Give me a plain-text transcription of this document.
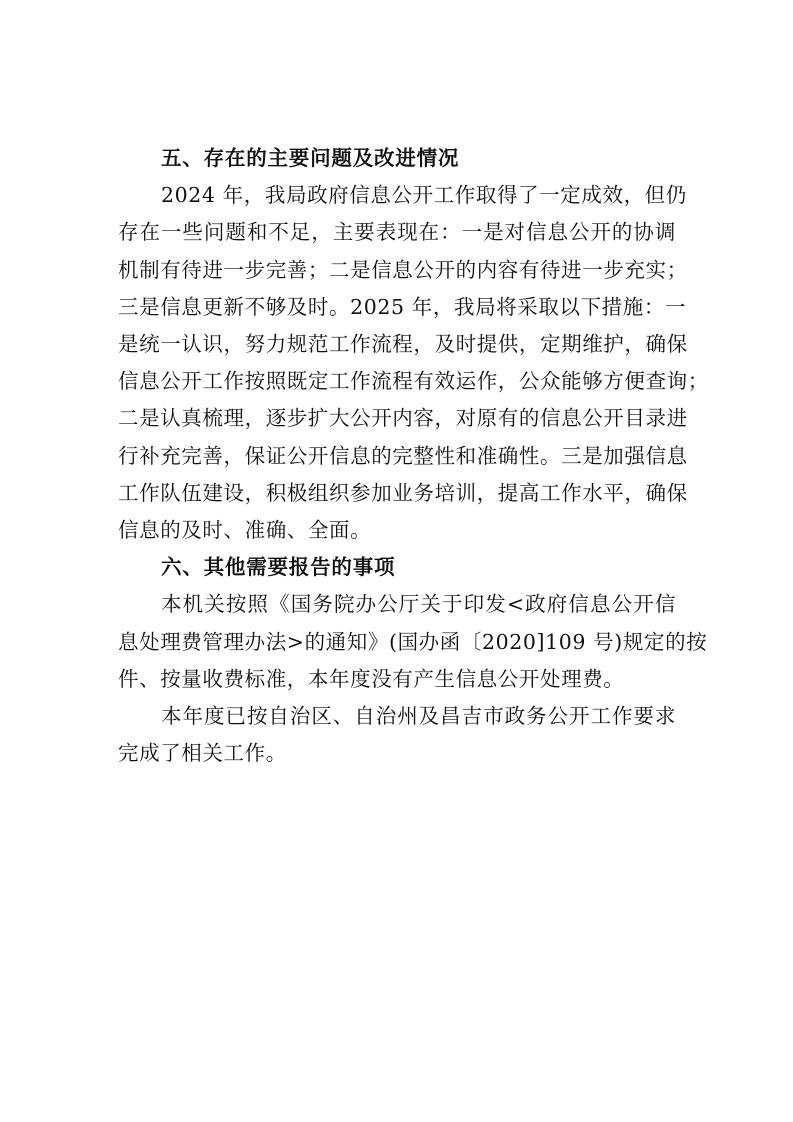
五、存在的主要问题及改进情况
2024 年，我局政府信息公开工作取得了一定成效，但仍
存在一些问题和不足，主要表现在：一是对信息公开的协调
机制有待进一步完善；二是信息公开的内容有待进一步充实；
三是信息更新不够及时。2025 年，我局将采取以下措施：一
是统一认识，努力规范工作流程，及时提供，定期维护，确保
信息公开工作按照既定工作流程有效运作，公众能够方便查询；
二是认真梳理，逐步扩大公开内容，对原有的信息公开目录进
行补充完善，保证公开信息的完整性和准确性。三是加强信息
工作队伍建设，积极组织参加业务培训，提高工作水平，确保
信息的及时、准确、全面。
六、其他需要报告的事项
本机关按照《国务院办公厅关于印发<政府信息公开信
息处理费管理办法>的通知》(国办函〔2020]109 号)规定的按
件、按量收费标准，本年度没有产生信息公开处理费。
本年度已按自治区、自治州及昌吉市政务公开工作要求
完成了相关工作。
